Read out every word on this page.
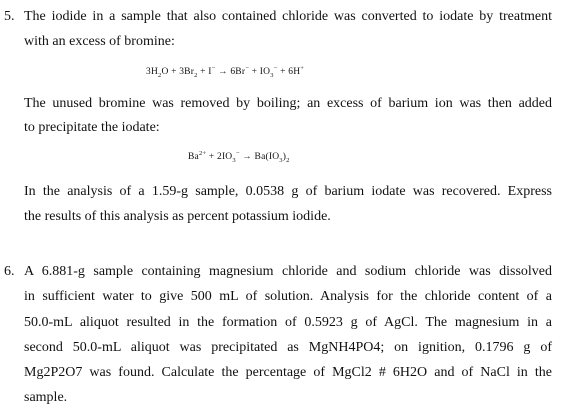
5. The iodide in a sample that also contained chloride was converted to iodate by treatment
with an excess of bromine:
$3H_2O + 3Br_2 + I^- \to 6Br^- + IO_3^- + 6H^+$
The unused bromine was removed by boiling; an excess of barium ion was then added
to precipitate the iodate:
$Ba^{2+} + 2IO_3^- \to Ba(IO_3)_2$
In the analysis of a 1.59-g sample, 0.0538 g of barium iodate was recovered. Express
the results of this analysis as percent potassium iodide.
6. A 6.881-g sample containing magnesium chloride and sodium chloride was dissolved
in sufficient water to give 500 mL of solution. Analysis for the chloride content of a
50.0-mL aliquot resulted in the formation of 0.5923 g of AgCl. The magnesium in a
second 50.0-mL aliquot was precipitated as MgNH4PO4; on ignition, 0.1796 g of
Mg2P2O7 was found. Calculate the percentage of MgCl2 # 6H2O and of NaCl in the
sample.
